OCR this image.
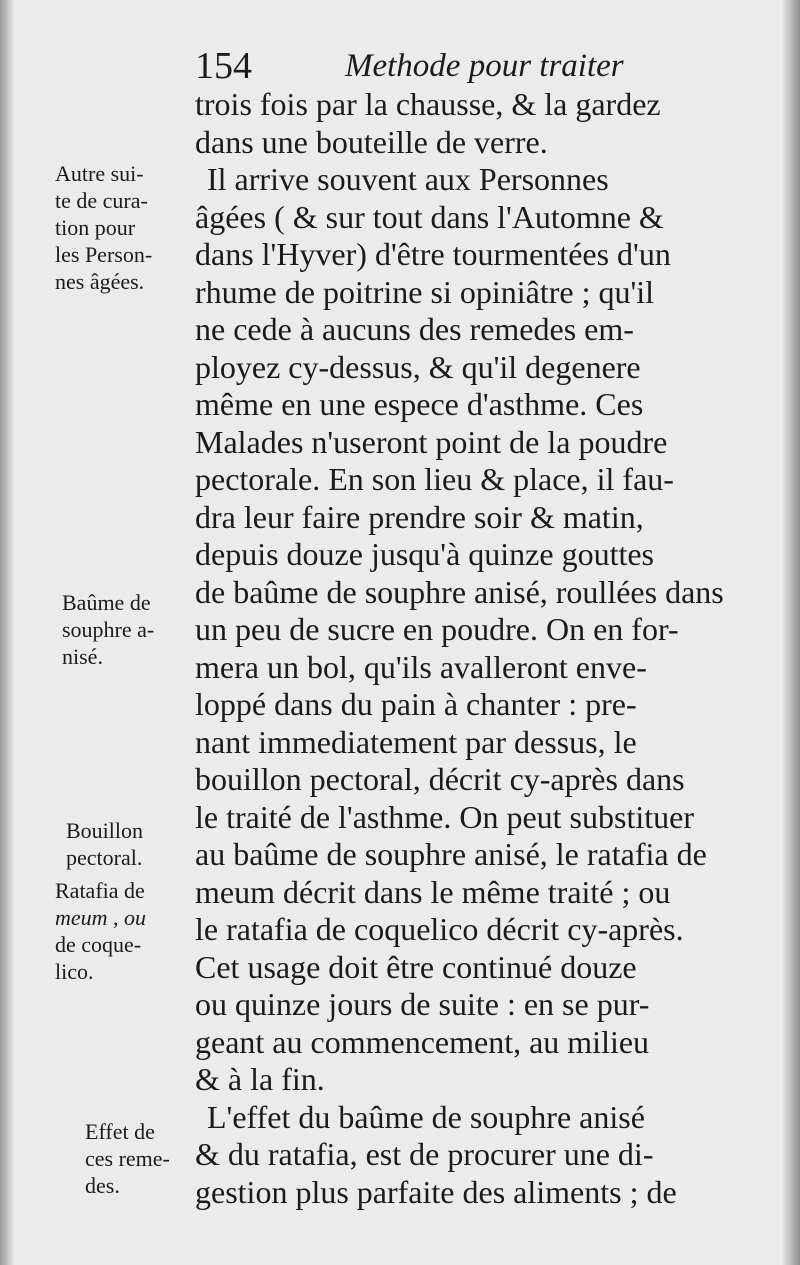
154	Methode pour traiter
trois fois par la chausse, & la gardez
dans une bouteille de verre.
Il arrive souvent aux Personnes
âgées ( & sur tout dans l'Automne &
dans l'Hyver) d'être tourmentées d'un
rhume de poitrine si opiniâtre ; qu'il
ne cede à aucuns des remedes em-
ployez cy-dessus, & qu'il degenere
même en une espece d'asthme. Ces
Malades n'useront point de la poudre
pectorale. En son lieu & place, il fau-
dra leur faire prendre soir & matin,
depuis douze jusqu'à quinze gouttes
de baûme de souphre anisé, roullées dans
un peu de sucre en poudre. On en for-
mera un bol, qu'ils avalleront enve-
loppé dans du pain à chanter : pre-
nant immediatement par dessus, le
bouillon pectoral, décrit cy-après dans
le traité de l'asthme. On peut substituer
au baûme de souphre anisé, le ratafia de
meum décrit dans le même traité ; ou
le ratafia de coquelico décrit cy-après.
Cet usage doit être continué douze
ou quinze jours de suite : en se pur-
geant au commencement, au milieu
& à la fin.
L'effet du baûme de souphre anisé
& du ratafia, est de procurer une di-
gestion plus parfaite des aliments ; de
Autre sui-
te de cura-
tion pour
les Person-
nes âgées.
Baûme de
souphre a-
nisé.
Bouillon
pectoral.
Ratafia de
meum , ou
de coque-
lico.
Effet de
ces reme-
des.
